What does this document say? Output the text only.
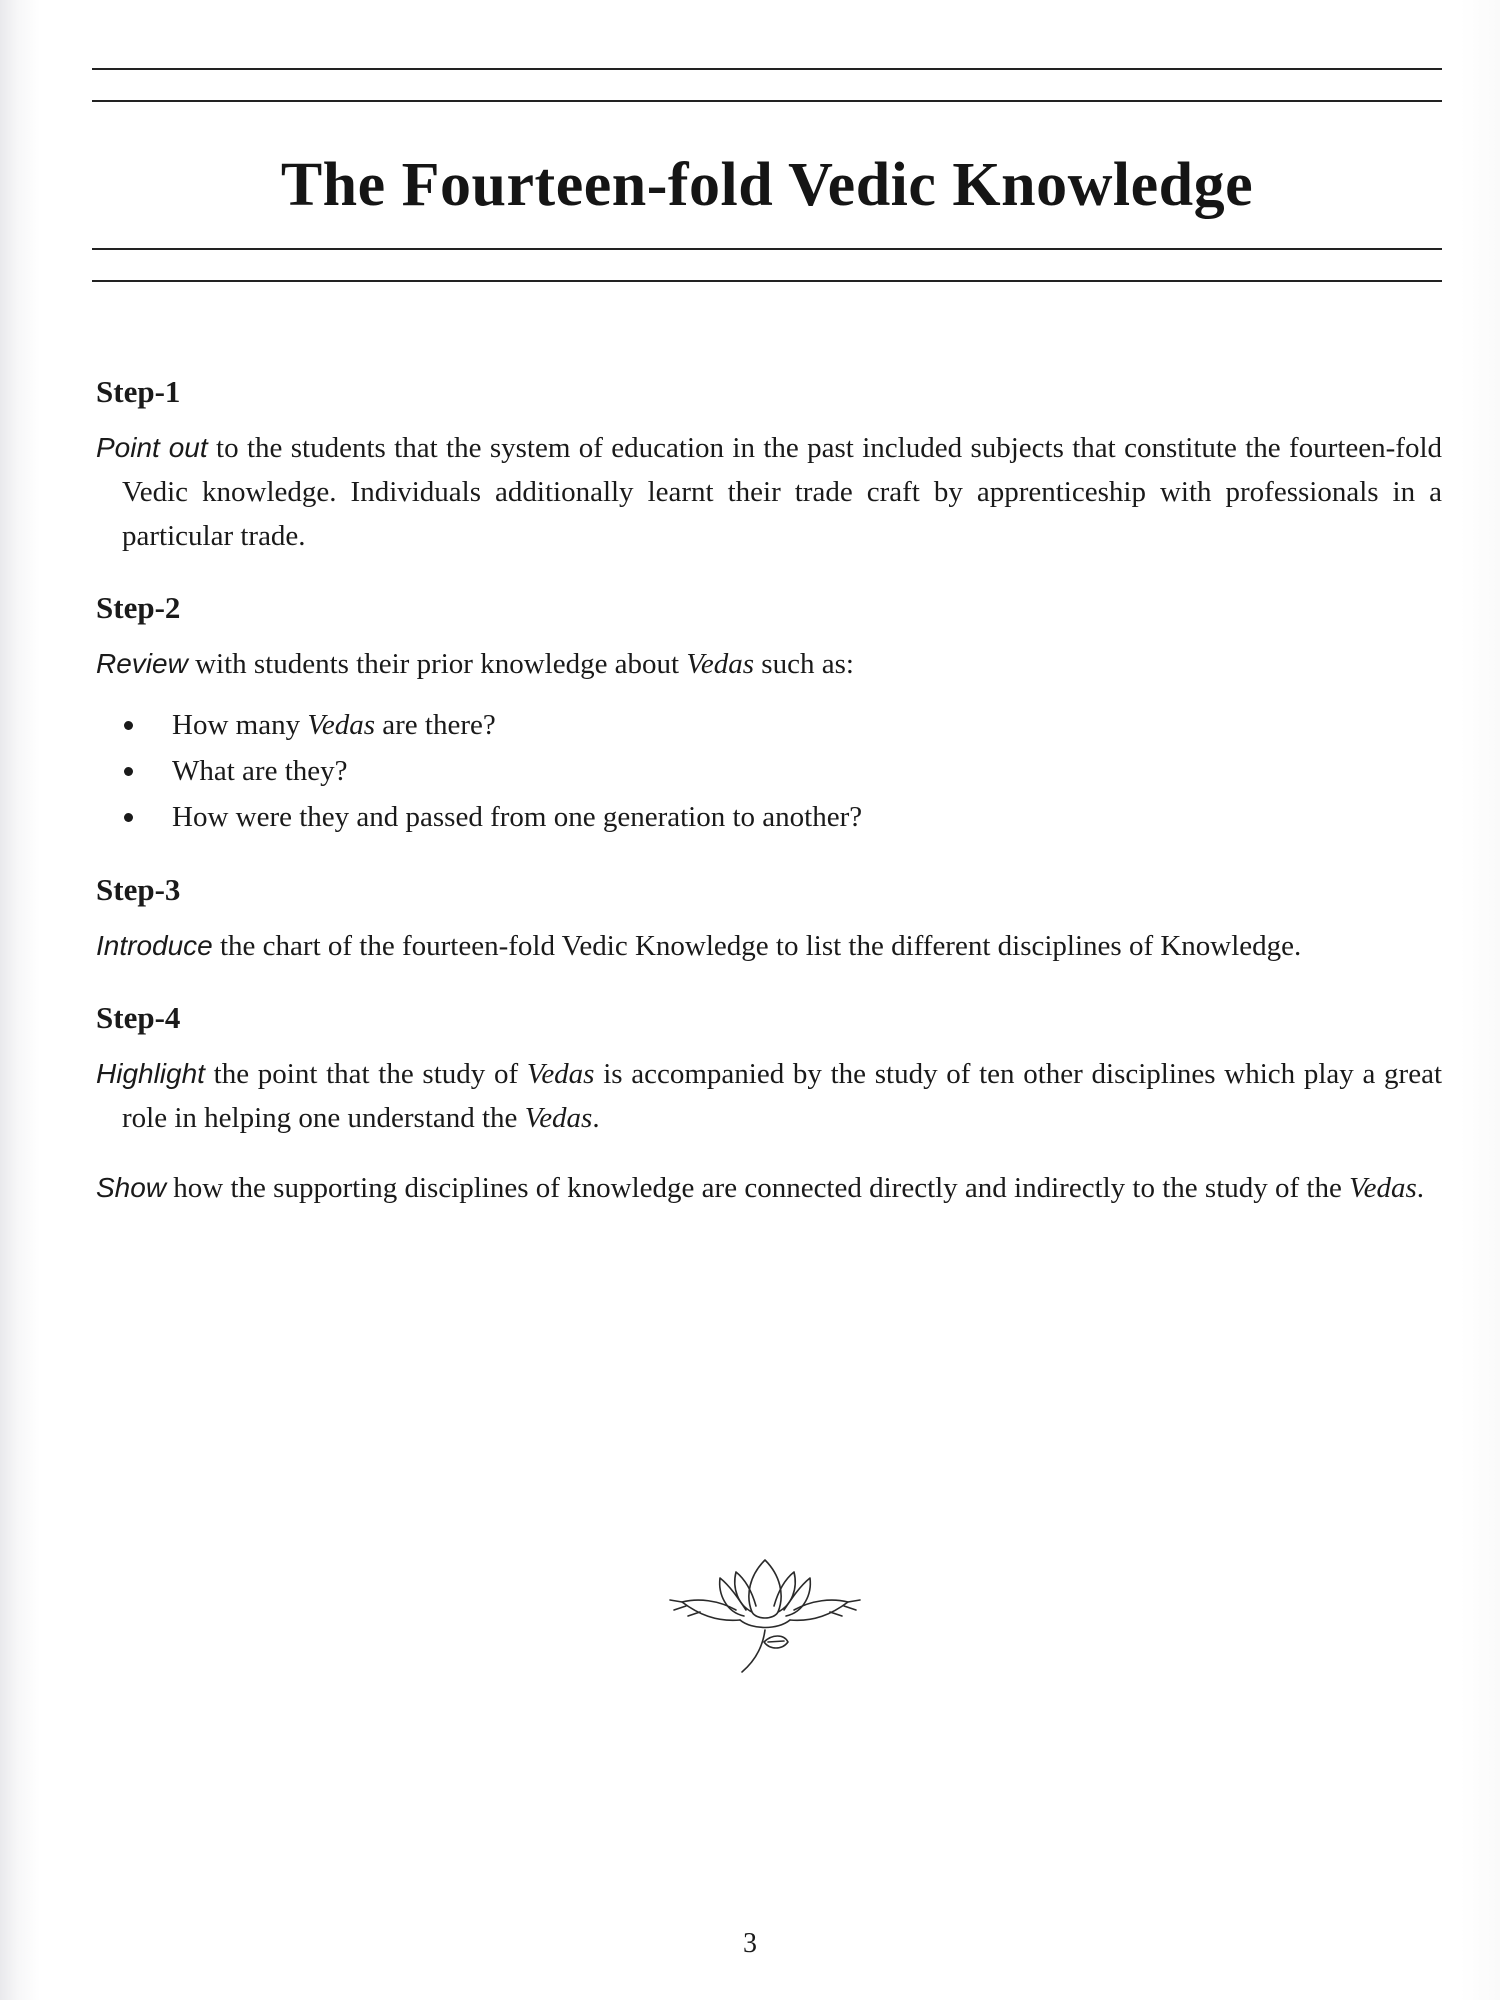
The Fourteen-fold Vedic Knowledge
Step-1

Point out to the students that the system of education in the past included subjects that constitute the fourteen-fold Vedic knowledge. Individuals additionally learnt their trade craft by apprenticeship with professionals in a particular trade.

Step-2

Review with students their prior knowledge about Vedas such as:

How many Vedas are there?
What are they?
How were they and passed from one generation to another?
Step-3

Introduce the chart of the fourteen-fold Vedic Knowledge to list the different disciplines of Knowledge.

Step-4

Highlight the point that the study of Vedas is accompanied by the study of ten other disciplines which play a great role in helping one understand the Vedas.

Show how the supporting disciplines of knowledge are connected directly and indirectly to the study of the Vedas.

3
